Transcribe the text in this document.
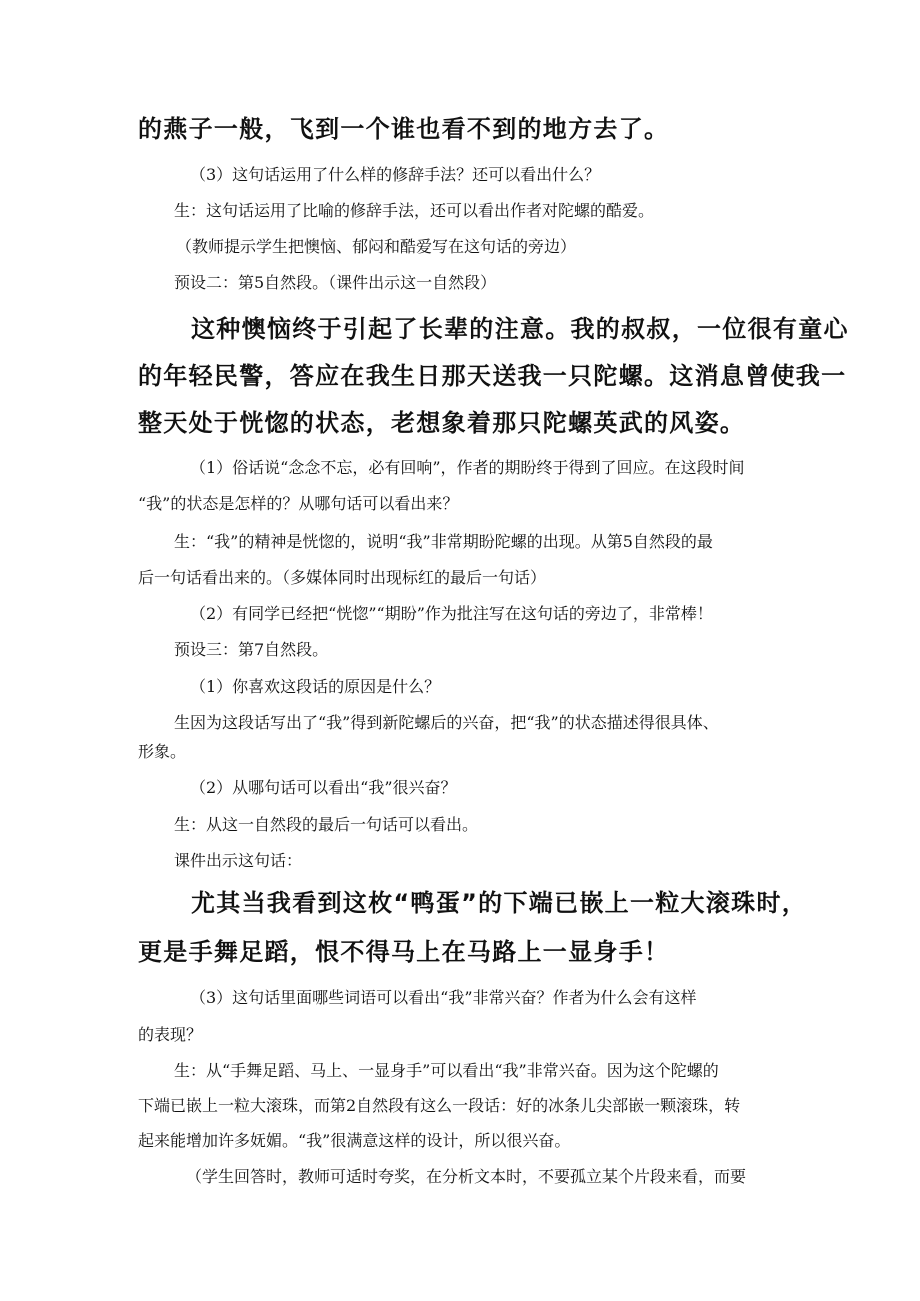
的燕子一般，飞到一个谁也看不到的地方去了。
（3）这句话运用了什么样的修辞手法？还可以看出什么？
生：这句话运用了比喻的修辞手法，还可以看出作者对陀螺的酷爱。
（教师提示学生把懊恼、郁闷和酷爱写在这句话的旁边）
预设二：第5自然段。（课件出示这一自然段）
这种懊恼终于引起了长辈的注意。我的叔叔，一位很有童心
的年轻民警，答应在我生日那天送我一只陀螺。这消息曾使我一
整天处于恍惚的状态，老想象着那只陀螺英武的风姿。
（1）俗话说“念念不忘，必有回响”，作者的期盼终于得到了回应。在这段时间
“我”的状态是怎样的？从哪句话可以看出来？
生：“我”的精神是恍惚的，说明“我”非常期盼陀螺的出现。从第5自然段的最
后一句话看出来的。（多媒体同时出现标红的最后一句话）
（2）有同学已经把“恍惚”“期盼”作为批注写在这句话的旁边了，非常棒！
预设三：第7自然段。
（1）你喜欢这段话的原因是什么？
生因为这段话写出了“我”得到新陀螺后的兴奋，把“我”的状态描述得很具体、
形象。
（2）从哪句话可以看出“我”很兴奋？
生：从这一自然段的最后一句话可以看出。
课件出示这句话：
尤其当我看到这枚“鸭蛋”的下端已嵌上一粒大滚珠时，
更是手舞足蹈，恨不得马上在马路上一显身手！
（3）这句话里面哪些词语可以看出“我”非常兴奋？作者为什么会有这样
的表现？
生：从“手舞足蹈、马上、一显身手”可以看出“我”非常兴奋。因为这个陀螺的
下端已嵌上一粒大滚珠，而第2自然段有这么一段话：好的冰条儿尖部嵌一颗滚珠，转
起来能增加许多妩媚。“我”很满意这样的设计，所以很兴奋。
（学生回答时，教师可适时夸奖，在分析文本时，不要孤立某个片段来看，而要
